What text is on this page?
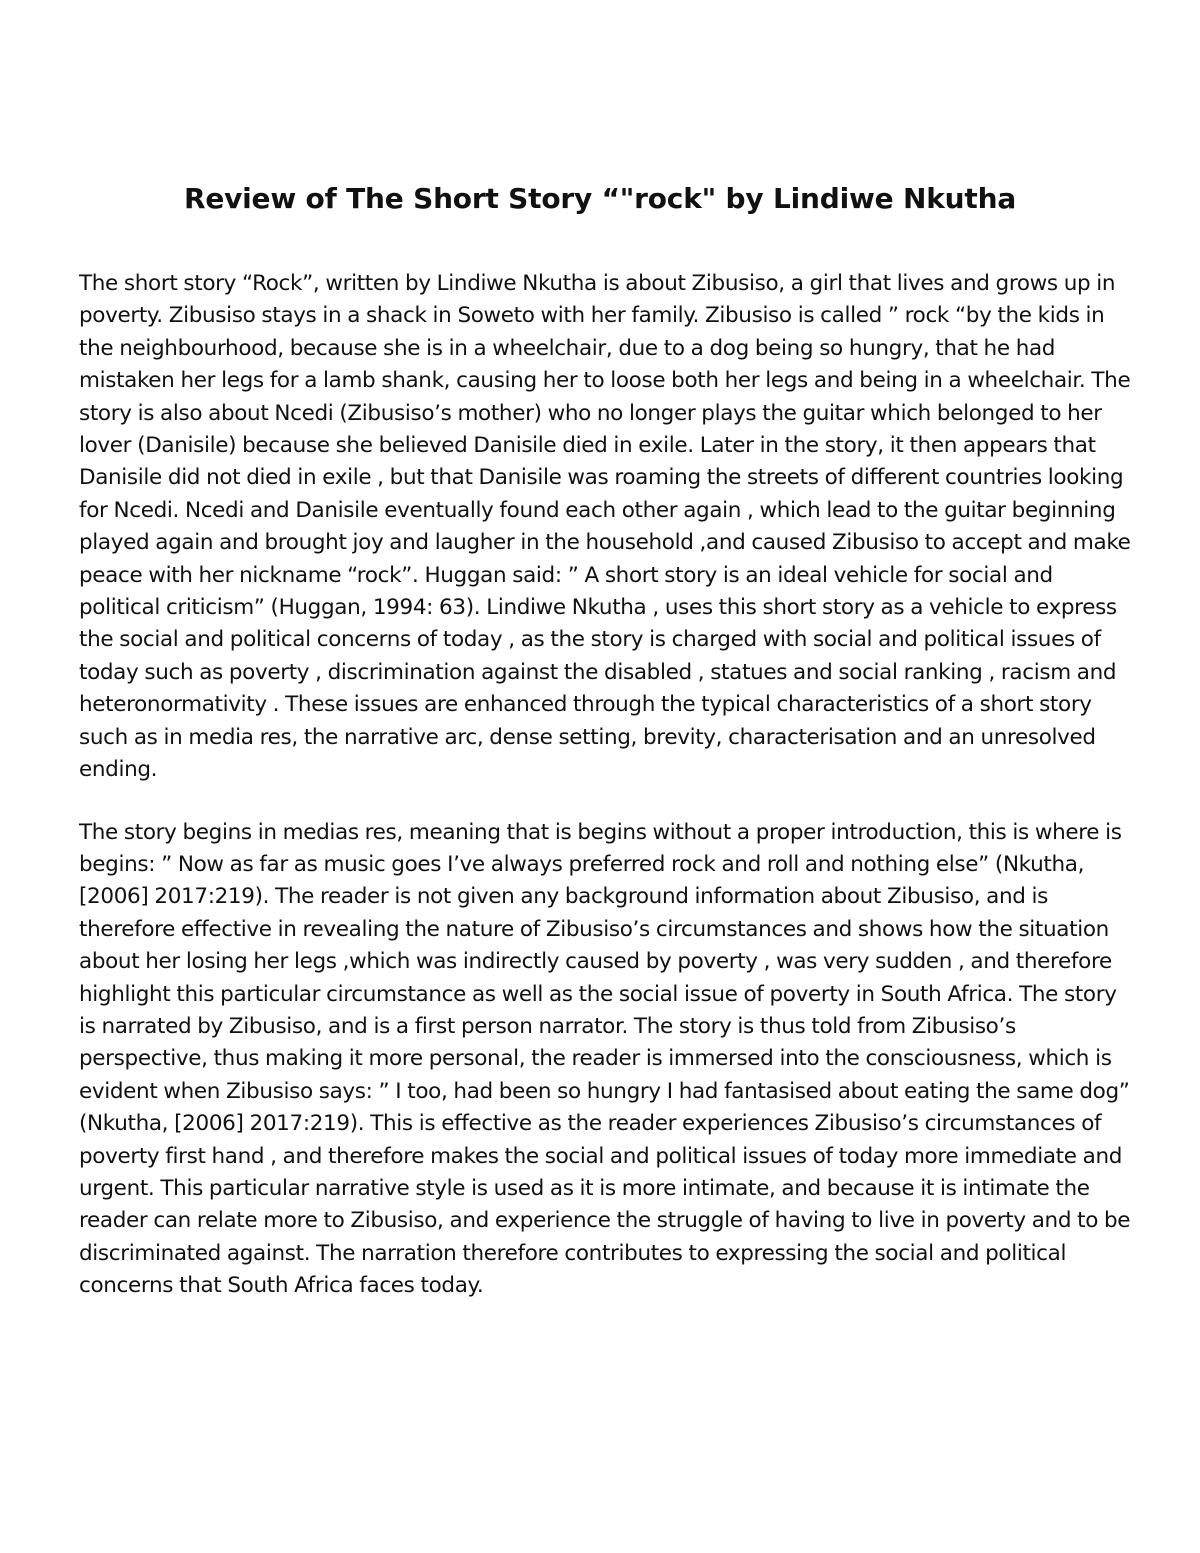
Review of The Short Story “"rock" by Lindiwe Nkutha

The short story “Rock”, written by Lindiwe Nkutha is about Zibusiso, a girl that lives and grows up in poverty. Zibusiso stays in a shack in Soweto with her family. Zibusiso is called ” rock “by the kids in the neighbourhood, because she is in a wheelchair, due to a dog being so hungry, that he had mistaken her legs for a lamb shank, causing her to loose both her legs and being in a wheelchair. The story is also about Ncedi (Zibusiso’s mother) who no longer plays the guitar which belonged to her lover (Danisile) because she believed Danisile died in exile. Later in the story, it then appears that Danisile did not died in exile , but that Danisile was roaming the streets of different countries looking for Ncedi. Ncedi and Danisile eventually found each other again , which lead to the guitar beginning played again and brought joy and laugher in the household ,and caused Zibusiso to accept and make peace with her nickname “rock”. Huggan said: ” A short story is an ideal vehicle for social and political criticism” (Huggan, 1994: 63). Lindiwe Nkutha , uses this short story as a vehicle to express the social and political concerns of today , as the story is charged with social and political issues of today such as poverty , discrimination against the disabled , statues and social ranking , racism and heteronormativity . These issues are enhanced through the typical characteristics of a short story such as in media res, the narrative arc, dense setting, brevity, characterisation and an unresolved ending.

The story begins in medias res, meaning that is begins without a proper introduction, this is where is begins: ” Now as far as music goes I’ve always preferred rock and roll and nothing else” (Nkutha, [2006] 2017:219). The reader is not given any background information about Zibusiso, and is therefore effective in revealing the nature of Zibusiso’s circumstances and shows how the situation about her losing her legs ,which was indirectly caused by poverty , was very sudden , and therefore highlight this particular circumstance as well as the social issue of poverty in South Africa. The story is narrated by Zibusiso, and is a first person narrator. The story is thus told from Zibusiso’s perspective, thus making it more personal, the reader is immersed into the consciousness, which is evident when Zibusiso says: ” I too, had been so hungry I had fantasised about eating the same dog” (Nkutha, [2006] 2017:219). This is effective as the reader experiences Zibusiso’s circumstances of poverty first hand , and therefore makes the social and political issues of today more immediate and urgent. This particular narrative style is used as it is more intimate, and because it is intimate the reader can relate more to Zibusiso, and experience the struggle of having to live in poverty and to be discriminated against. The narration therefore contributes to expressing the social and political concerns that South Africa faces today.
